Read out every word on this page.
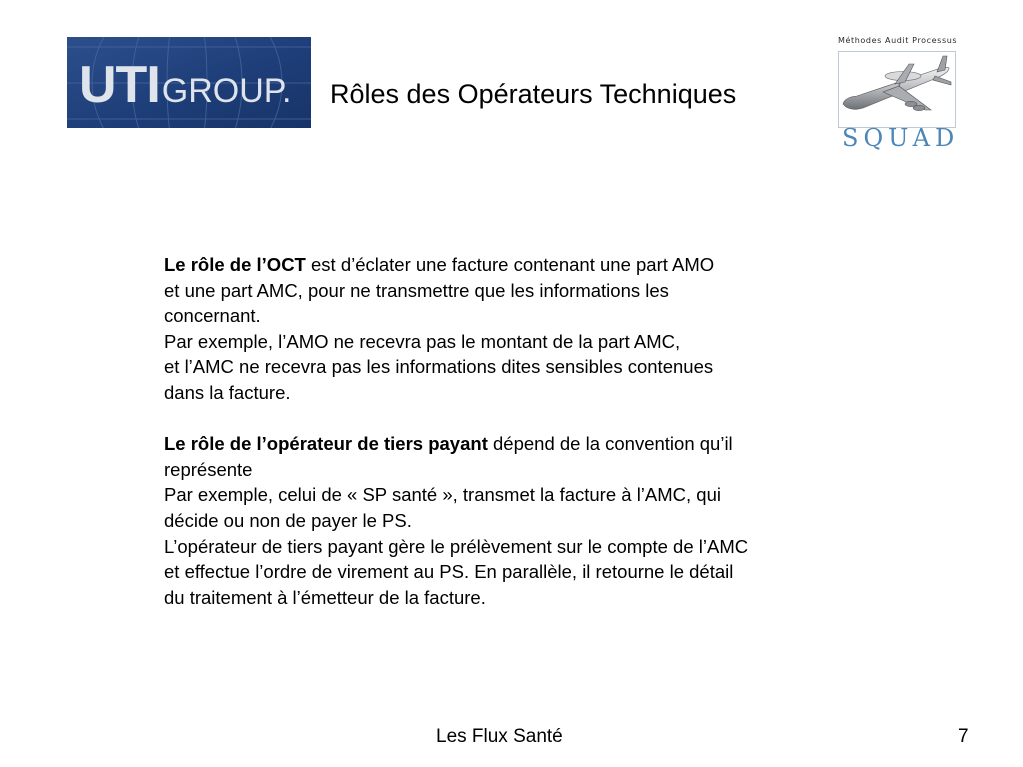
UTI GROUP. Rôles des Opérateurs Techniques
Méthodes Audit Processus
SQUAD

Le rôle de l’OCT est d’éclater une facture contenant une part AMO

et une part AMC, pour ne transmettre que les informations les

concernant.

Par exemple, l’AMO ne recevra pas le montant de la part AMC,

et l’AMC ne recevra pas les informations dites sensibles contenues

dans la facture.

Le rôle de l’opérateur de tiers payant dépend de la convention qu’il

représente

Par exemple, celui de « SP santé », transmet la facture à l’AMC, qui

décide ou non de payer le PS.

L’opérateur de tiers payant gère le prélèvement sur le compte de l’AMC

et effectue l’ordre de virement au PS. En parallèle, il retourne le détail

du traitement à l’émetteur de la facture.

Les Flux Santé	7
